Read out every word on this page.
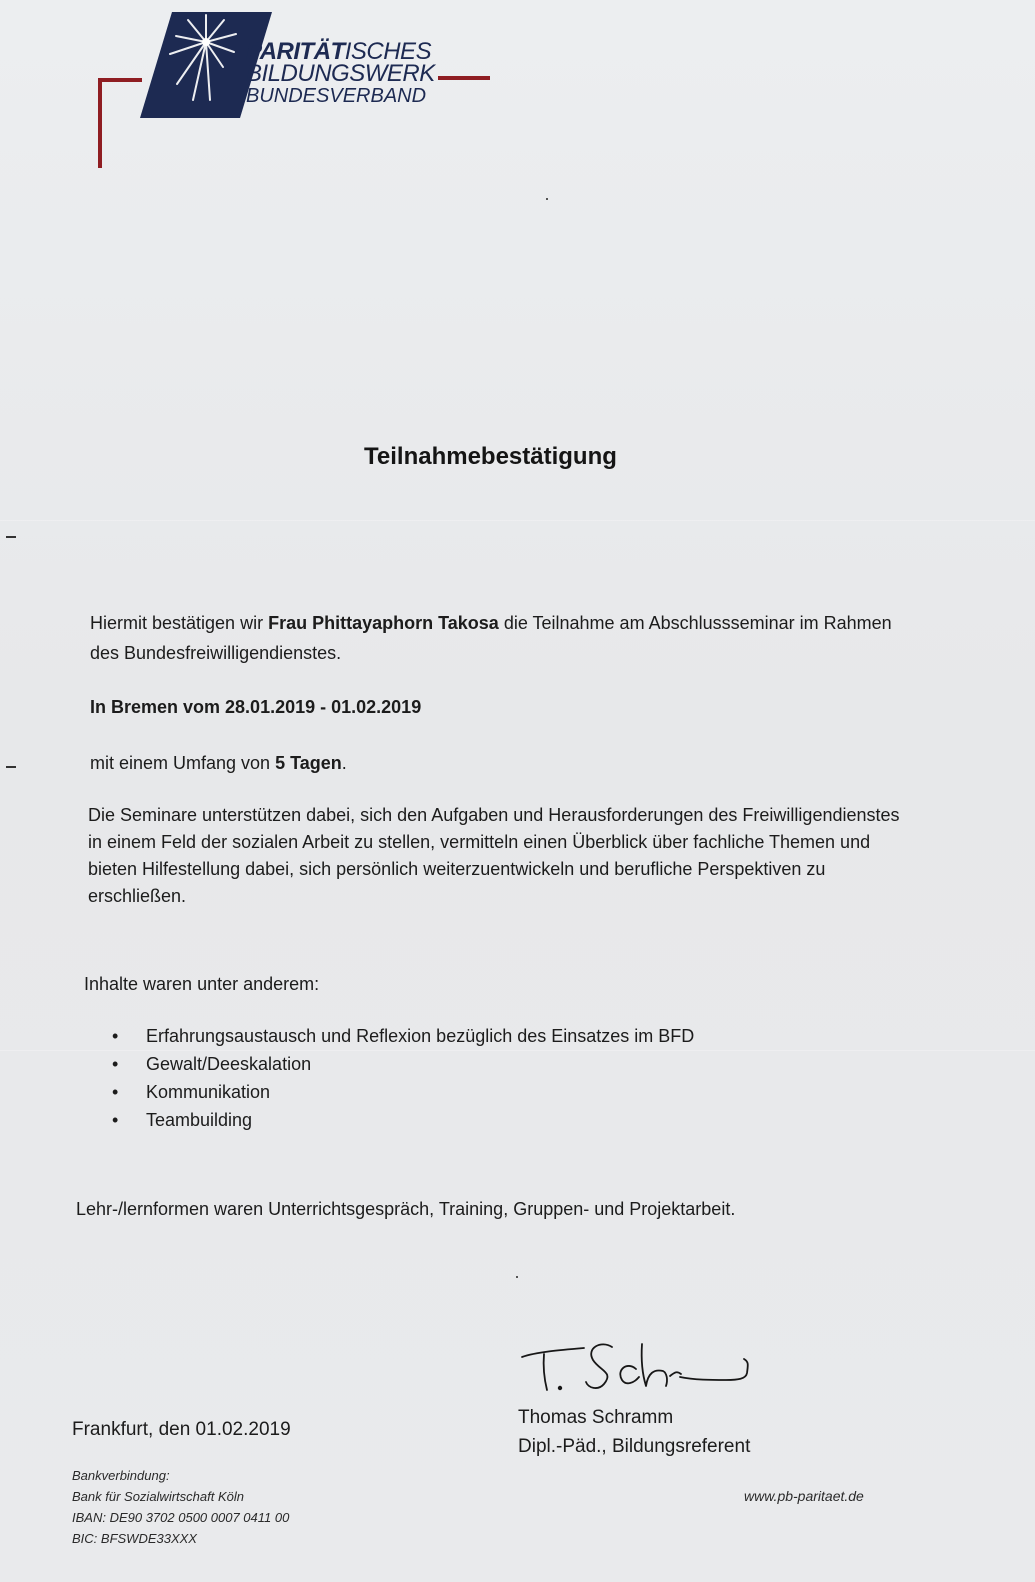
PARITÄTISCHES
BILDUNGSWERK
BUNDESVERBAND
Teilnahmebestätigung
Hiermit bestätigen wir Frau Phittayaphorn Takosa die Teilnahme am Abschlussseminar im Rahmen des Bundesfreiwilligendienstes.
In Bremen vom 28.01.2019 - 01.02.2019
mit einem Umfang von 5 Tagen.
Die Seminare unterstützen dabei, sich den Aufgaben und Herausforderungen des Freiwilligendienstes in einem Feld der sozialen Arbeit zu stellen, vermitteln einen Überblick über fachliche Themen und bieten Hilfestellung dabei, sich persönlich weiterzuentwickeln und berufliche Perspektiven zu erschließen.
Inhalte waren unter anderem:
• Erfahrungsaustausch und Reflexion bezüglich des Einsatzes im BFD
• Gewalt/Deeskalation
• Kommunikation
• Teambuilding
Lehr-/lernformen waren Unterrichtsgespräch, Training, Gruppen- und Projektarbeit.
Frankfurt, den 01.02.2019
Thomas Schramm
Dipl.-Päd., Bildungsreferent
Bankverbindung:
Bank für Sozialwirtschaft Köln
IBAN: DE90 3702 0500 0007 0411 00
BIC: BFSWDE33XXX
www.pb-paritaet.de
